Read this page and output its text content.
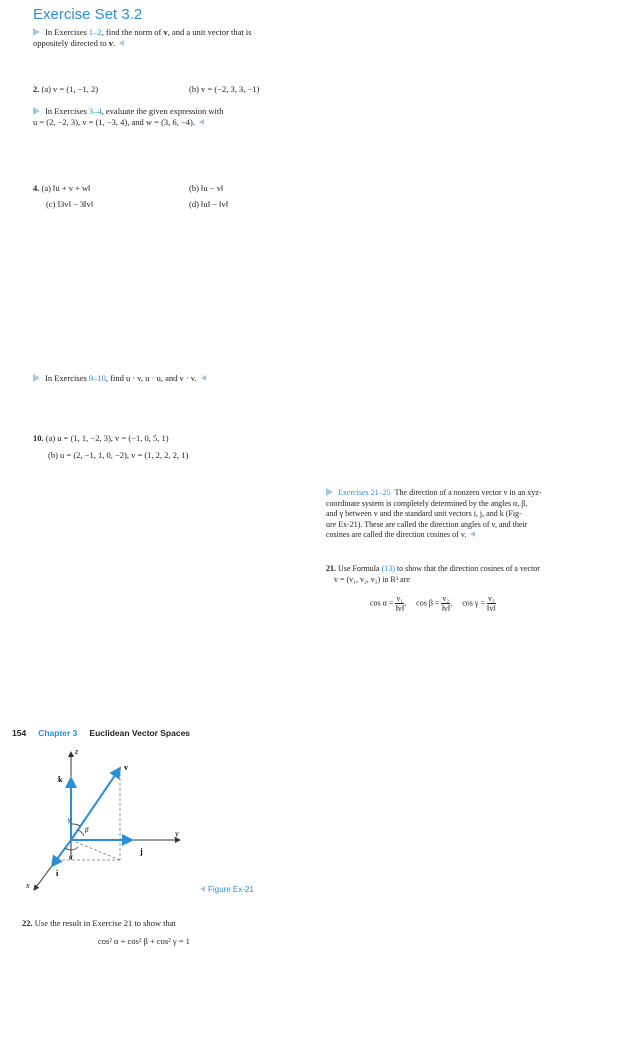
Exercise Set 3.2
In Exercises 1–2, find the norm of v, and a unit vector that is
oppositely directed to v.
2. (a) v = (1, −1, 2)	(b) v = (−2, 3, 3, −1)
In Exercises 3–4, evaluate the given expression with
u = (2, −2, 3), v = (1, −3, 4), and w = (3, 6, −4).
4. (a) ‖u + v + w‖	(b) ‖u − v‖
(c) ‖3v‖ − 3‖v‖	(d) ‖u‖ − ‖v‖
In Exercises 9–10, find u · v, u · u, and v · v.
10. (a) u = (1, 1, −2, 3), v = (−1, 0, 5, 1)
(b) u = (2, −1, 1, 0, −2), v = (1, 2, 2, 2, 1)
Exercises 21–25 The direction of a nonzero vector v in an xyz-
coordinate system is completely determined by the angles α, β,
and γ between v and the standard unit vectors i, j, and k (Fig-
ure Ex-21). These are called the direction angles of v, and their
cosines are called the direction cosines of v.
21. Use Formula (13) to show that the direction cosines of a vector
v = (v₁, v₂, v₃) in R³ are
$\cos \alpha = \frac{\text{v₁}}{‖v‖}$ , $\cos \beta = \frac{\text{v₂}}{‖v‖}$ , $\cos \gamma = \frac{\text{v₃}}{‖v‖}$
154 Chapter 3 Euclidean Vector Spaces
z
y
x
k
j
i
v
γ
β
α
Figure Ex-21
22. Use the result in Exercise 21 to show that
cos² α + cos² β + cos² γ = 1
